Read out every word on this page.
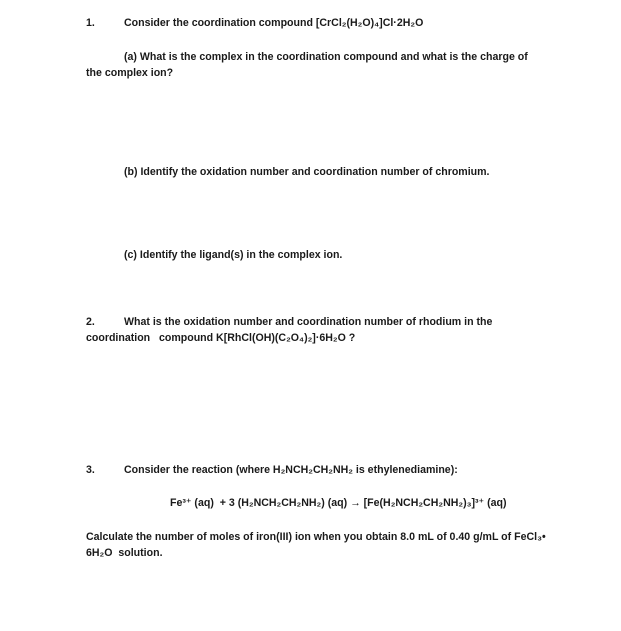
1.	Consider the coordination compound [CrCl₂(H₂O)₄]Cl·2H₂O
(a) What is the complex in the coordination compound and what is the charge of
the complex ion?
(b) Identify the oxidation number and coordination number of chromium.
(c) Identify the ligand(s) in the complex ion.
2.	What is the oxidation number and coordination number of rhodium in the
coordination   compound K[RhCl(OH)(C₂O₄)₂]·6H₂O ?
3.	Consider the reaction (where H₂NCH₂CH₂NH₂ is ethylenediamine):
Fe³⁺ (aq)  + 3 (H₂NCH₂CH₂NH₂) (aq) → [Fe(H₂NCH₂CH₂NH₂)₃]³⁺ (aq)
Calculate the number of moles of iron(III) ion when you obtain 8.0 mL of 0.40 g/mL of FeCl₃•
6H₂O  solution.
